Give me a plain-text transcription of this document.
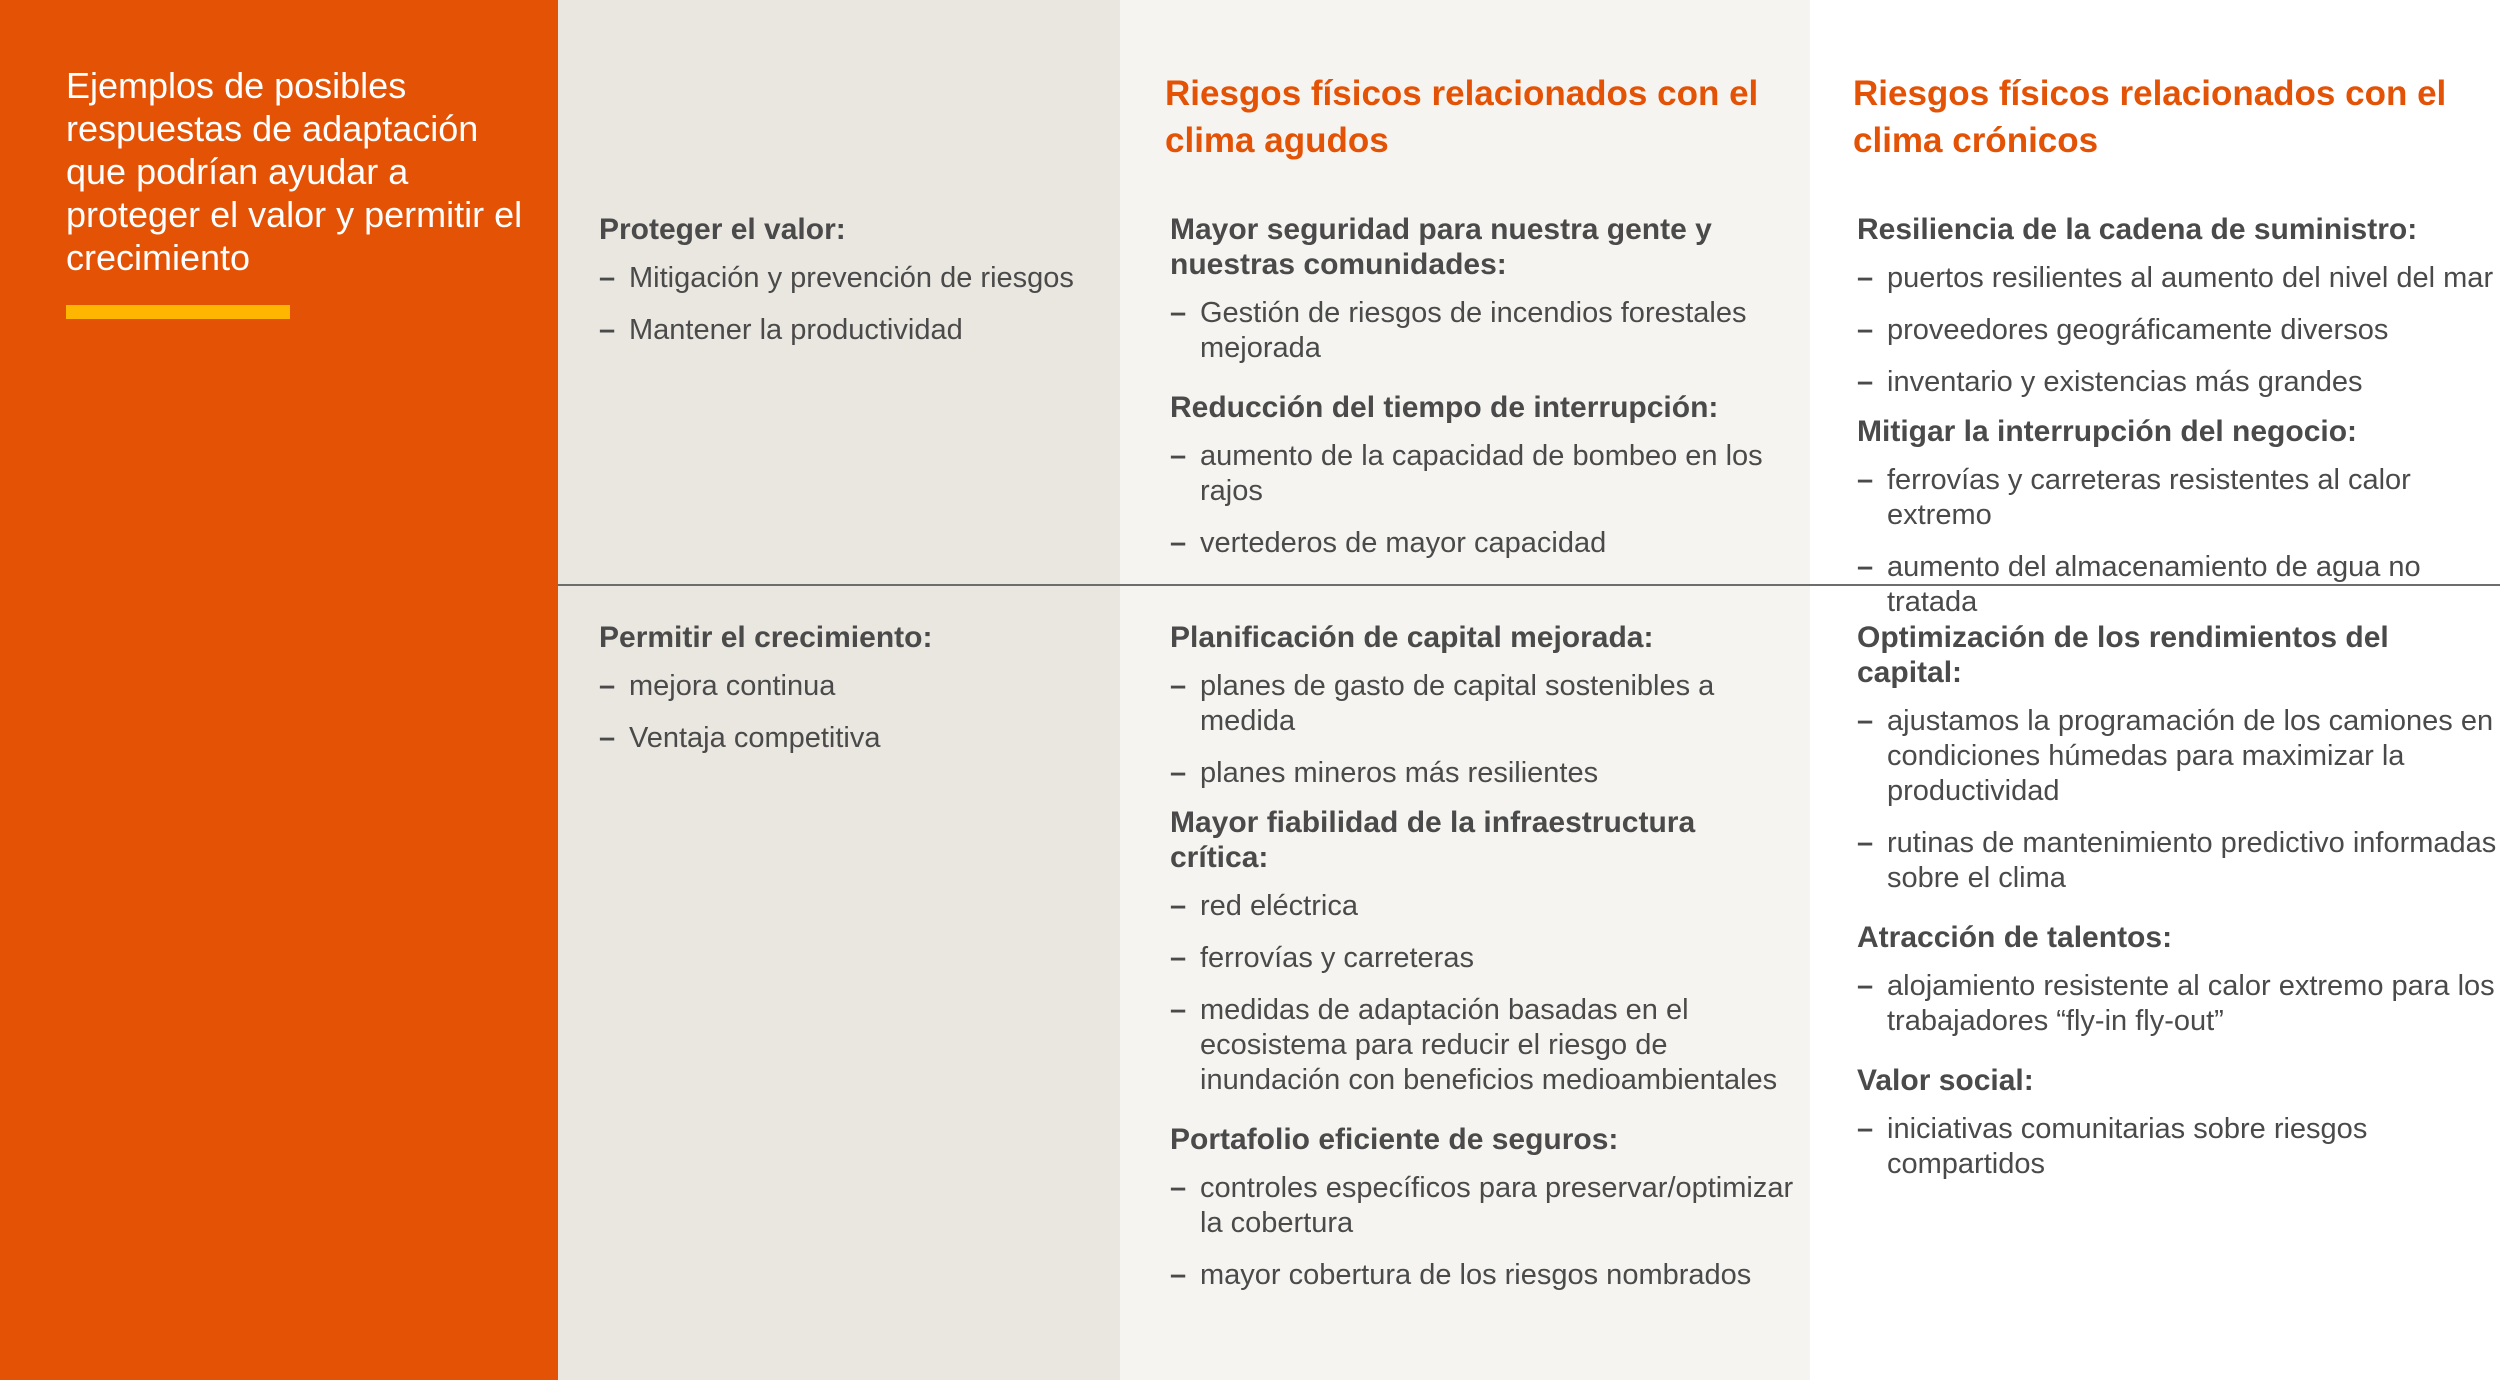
Ejemplos de posibles respuestas de adaptación que podrían ayudar a proteger el valor y permitir el crecimiento
Riesgos físicos relacionados con el clima agudos
Riesgos físicos relacionados con el clima crónicos
Proteger el valor:
– Mitigación y prevención de riesgos
– Mantener la productividad
Mayor seguridad para nuestra gente y nuestras comunidades:
– Gestión de riesgos de incendios forestales mejorada
Reducción del tiempo de interrupción:
– aumento de la capacidad de bombeo en los rajos
– vertederos de mayor capacidad
Resiliencia de la cadena de suministro:
– puertos resilientes al aumento del nivel del mar
– proveedores geográficamente diversos
– inventario y existencias más grandes
Mitigar la interrupción del negocio:
– ferrovías y carreteras resistentes al calor extremo
– aumento del almacenamiento de agua no tratada
Permitir el crecimiento:
– mejora continua
– Ventaja competitiva
Planificación de capital mejorada:
– planes de gasto de capital sostenibles a medida
– planes mineros más resilientes
Mayor fiabilidad de la infraestructura crítica:
– red eléctrica
– ferrovías y carreteras
– medidas de adaptación basadas en el ecosistema para reducir el riesgo de inundación con beneficios medioambientales
Portafolio eficiente de seguros:
– controles específicos para preservar/optimizar la cobertura
– mayor cobertura de los riesgos nombrados
Optimización de los rendimientos del capital:
– ajustamos la programación de los camiones en condiciones húmedas para maximizar la productividad
– rutinas de mantenimiento predictivo informadas sobre el clima
Atracción de talentos:
– alojamiento resistente al calor extremo para los trabajadores “fly-in fly-out”
Valor social:
– iniciativas comunitarias sobre riesgos compartidos
